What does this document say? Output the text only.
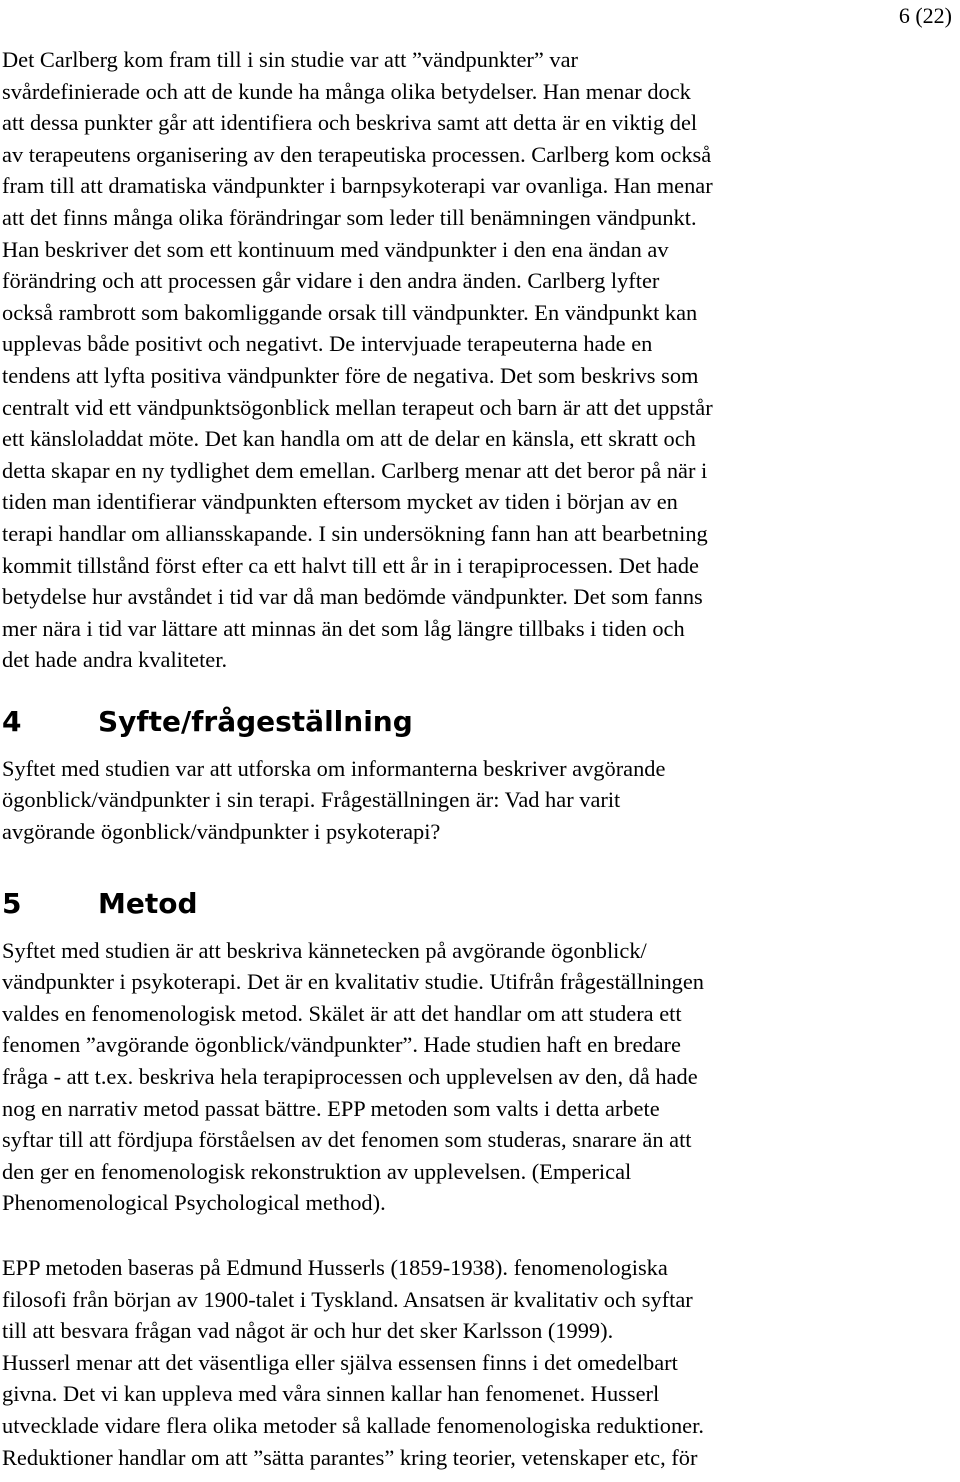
6 (22)

Det Carlberg kom fram till i sin studie var att ”vändpunkter” var
svårdefinierade och att de kunde ha många olika betydelser. Han menar dock
att dessa punkter går att identifiera och beskriva samt att detta är en viktig del
av terapeutens organisering av den terapeutiska processen. Carlberg kom också
fram till att dramatiska vändpunkter i barnpsykoterapi var ovanliga. Han menar
att det finns många olika förändringar som leder till benämningen vändpunkt.
Han beskriver det som ett kontinuum med vändpunkter i den ena ändan av
förändring och att processen går vidare i den andra änden. Carlberg lyfter
också rambrott som bakomliggande orsak till vändpunkter. En vändpunkt kan
upplevas både positivt och negativt. De intervjuade terapeuterna hade en
tendens att lyfta positiva vändpunkter före de negativa. Det som beskrivs som
centralt vid ett vändpunktsögonblick mellan terapeut och barn är att det uppstår
ett känsloladdat möte. Det kan handla om att de delar en känsla, ett skratt och
detta skapar en ny tydlighet dem emellan. Carlberg menar att det beror på när i
tiden man identifierar vändpunkten eftersom mycket av tiden i början av en
terapi handlar om alliansskapande. I sin undersökning fann han att bearbetning
kommit tillstånd först efter ca ett halvt till ett år in i terapiprocessen. Det hade
betydelse hur avståndet i tid var då man bedömde vändpunkter. Det som fanns
mer nära i tid var lättare att minnas än det som låg längre tillbaks i tiden och
det hade andra kvaliteter.

4	Syfte/frågeställning

Syftet med studien var att utforska om informanterna beskriver avgörande
ögonblick/vändpunkter i sin terapi. Frågeställningen är: Vad har varit
avgörande ögonblick/vändpunkter i psykoterapi?

5	Metod

Syftet med studien är att beskriva kännetecken på avgörande ögonblick/
vändpunkter i psykoterapi. Det är en kvalitativ studie. Utifrån frågeställningen
valdes en fenomenologisk metod. Skälet är att det handlar om att studera ett
fenomen ”avgörande ögonblick/vändpunkter”. Hade studien haft en bredare
fråga - att t.ex. beskriva hela terapiprocessen och upplevelsen av den, då hade
nog en narrativ metod passat bättre. EPP metoden som valts i detta arbete
syftar till att fördjupa förståelsen av det fenomen som studeras, snarare än att
den ger en fenomenologisk rekonstruktion av upplevelsen. (Emperical
Phenomenological Psychological method).

EPP metoden baseras på Edmund Husserls (1859-1938). fenomenologiska
filosofi från början av 1900-talet i Tyskland. Ansatsen är kvalitativ och syftar
till att besvara frågan vad något är och hur det sker Karlsson (1999).
Husserl menar att det väsentliga eller själva essensen finns i det omedelbart
givna. Det vi kan uppleva med våra sinnen kallar han fenomenet. Husserl
utvecklade vidare flera olika metoder så kallade fenomenologiska reduktioner.
Reduktioner handlar om att ”sätta parantes” kring teorier, vetenskaper etc, för
